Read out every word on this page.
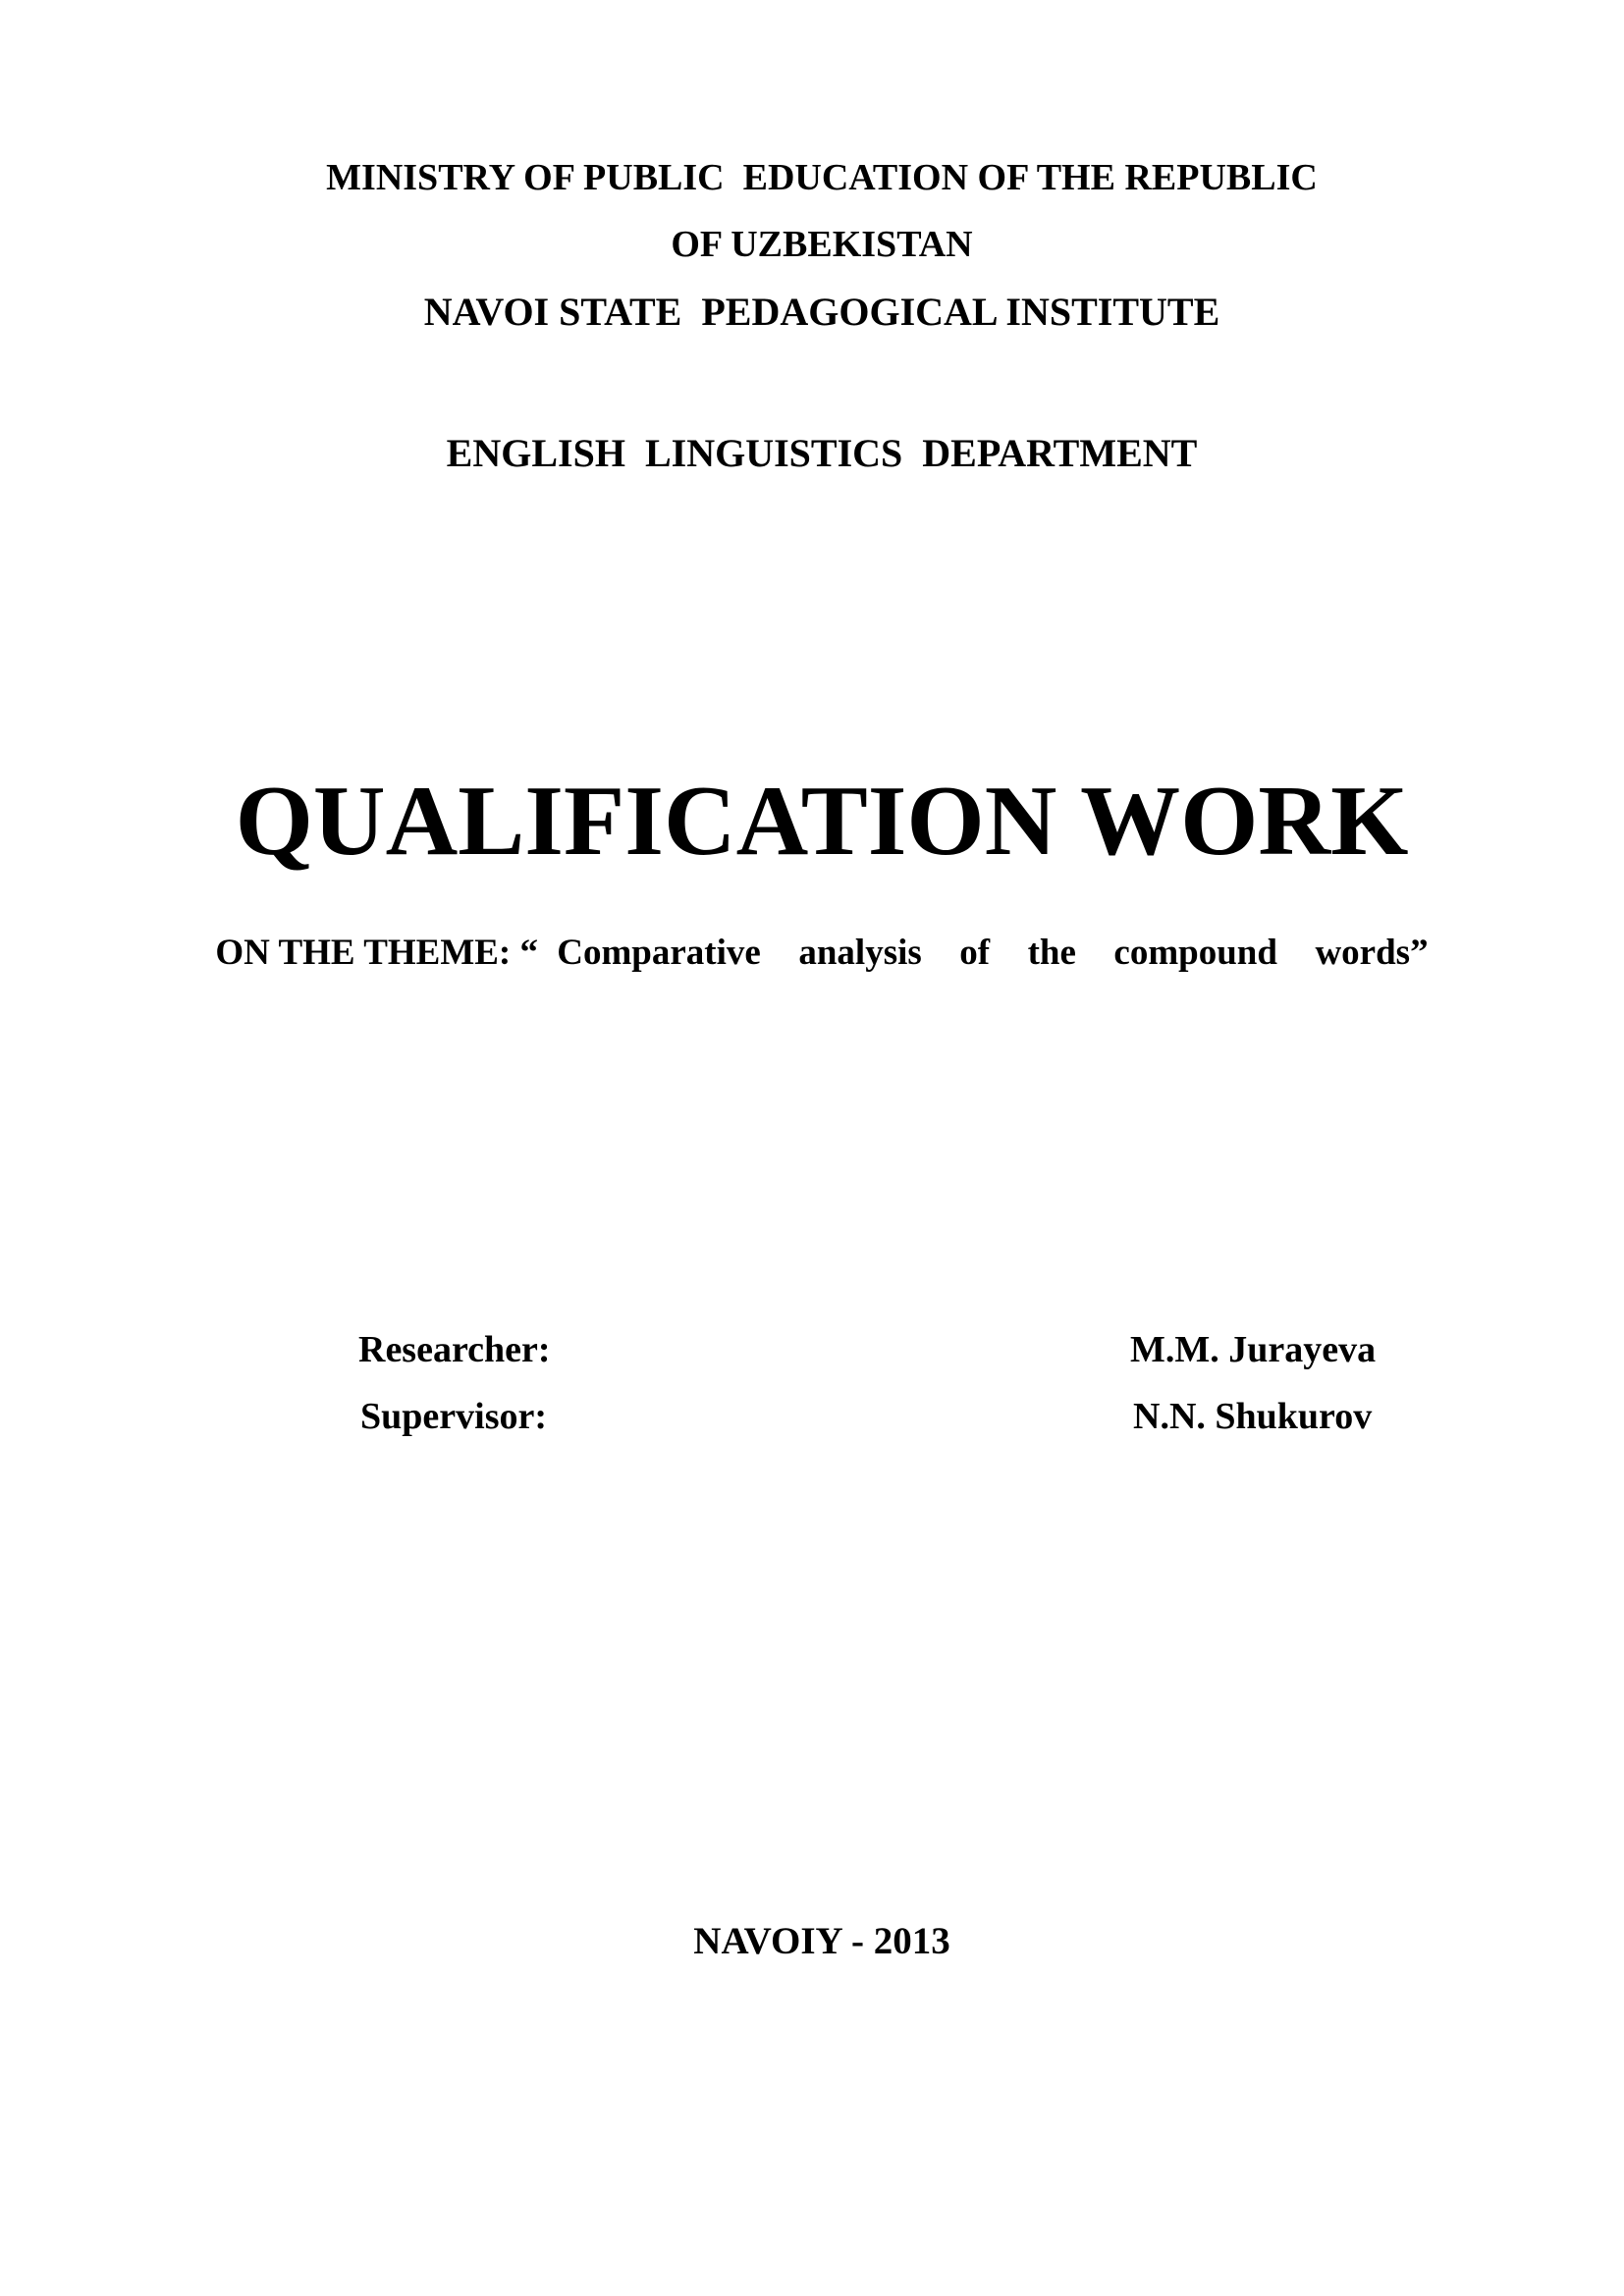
MINISTRY OF PUBLIC  EDUCATION OF THE REPUBLIC
OF UZBEKISTAN
NAVOI STATE  PEDAGOGICAL INSTITUTE
ENGLISH  LINGUISTICS  DEPARTMENT
QUALIFICATION WORK
ON THE THEME: “ Comparative  analysis  of  the  compound  words”
Researcher:	M.M. Jurayeva
Supervisor:	N.N. Shukurov
NAVOIY - 2013
